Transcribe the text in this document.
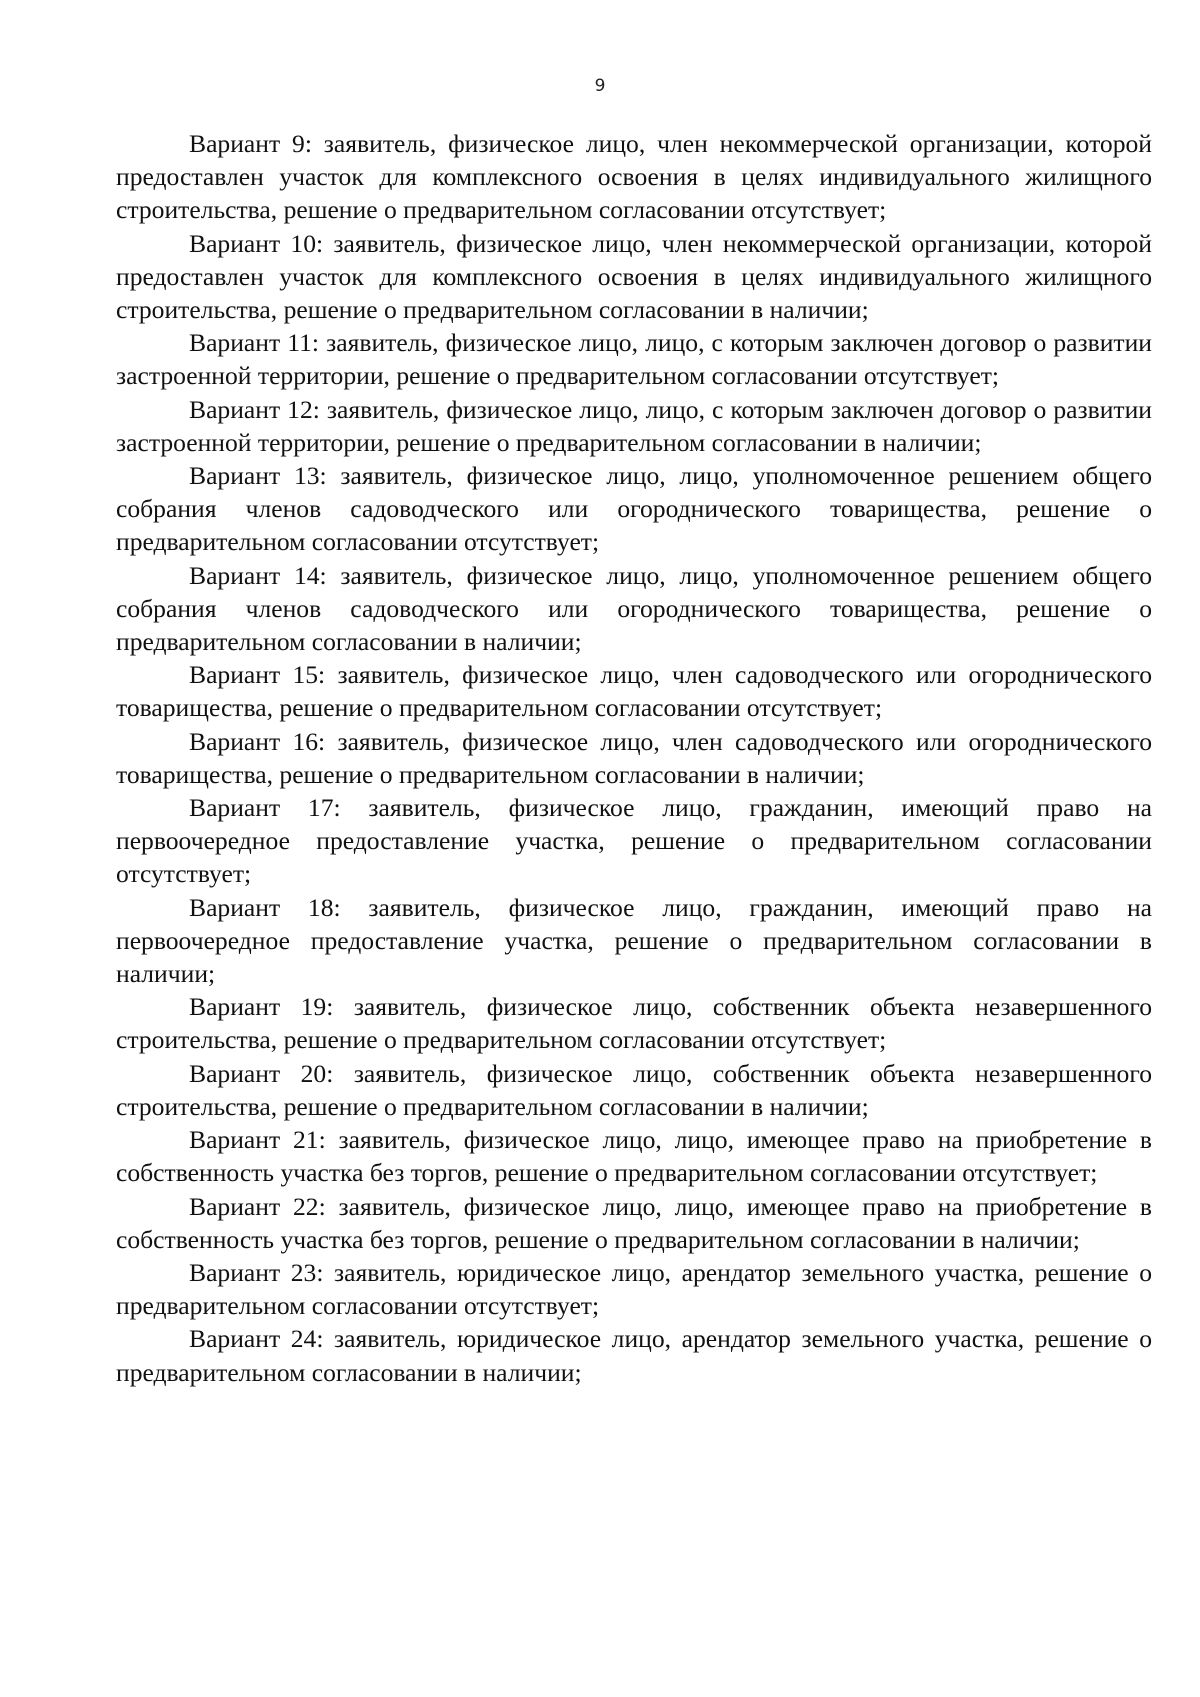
9

Вариант 9: заявитель, физическое лицо, член некоммерческой организации, которой предоставлен участок для комплексного освоения в целях индивидуального жилищного строительства, решение о предварительном согласовании отсутствует;

Вариант 10: заявитель, физическое лицо, член некоммерческой организации, которой предоставлен участок для комплексного освоения в целях индивидуального жилищного строительства, решение о предварительном согласовании в наличии;

Вариант 11: заявитель, физическое лицо, лицо, с которым заключен договор о развитии застроенной территории, решение о предварительном согласовании отсутствует;

Вариант 12: заявитель, физическое лицо, лицо, с которым заключен договор о развитии застроенной территории, решение о предварительном согласовании в наличии;

Вариант 13: заявитель, физическое лицо, лицо, уполномоченное решением общего собрания членов садоводческого или огороднического товарищества, решение о предварительном согласовании отсутствует;

Вариант 14: заявитель, физическое лицо, лицо, уполномоченное решением общего собрания членов садоводческого или огороднического товарищества, решение о предварительном согласовании в наличии;

Вариант 15: заявитель, физическое лицо, член садоводческого или огороднического товарищества, решение о предварительном согласовании отсутствует;

Вариант 16: заявитель, физическое лицо, член садоводческого или огороднического товарищества, решение о предварительном согласовании в наличии;

Вариант 17: заявитель, физическое лицо, гражданин, имеющий право на первоочередное предоставление участка, решение о предварительном согласовании отсутствует;

Вариант 18: заявитель, физическое лицо, гражданин, имеющий право на первоочередное предоставление участка, решение о предварительном согласовании в наличии;

Вариант 19: заявитель, физическое лицо, собственник объекта незавершенного строительства, решение о предварительном согласовании отсутствует;

Вариант 20: заявитель, физическое лицо, собственник объекта незавершенного строительства, решение о предварительном согласовании в наличии;

Вариант 21: заявитель, физическое лицо, лицо, имеющее право на приобретение в собственность участка без торгов, решение о предварительном согласовании отсутствует;

Вариант 22: заявитель, физическое лицо, лицо, имеющее право на приобретение в собственность участка без торгов, решение о предварительном согласовании в наличии;

Вариант 23: заявитель, юридическое лицо, арендатор земельного участка, решение о предварительном согласовании отсутствует;

Вариант 24: заявитель, юридическое лицо, арендатор земельного участка, решение о предварительном согласовании в наличии;
